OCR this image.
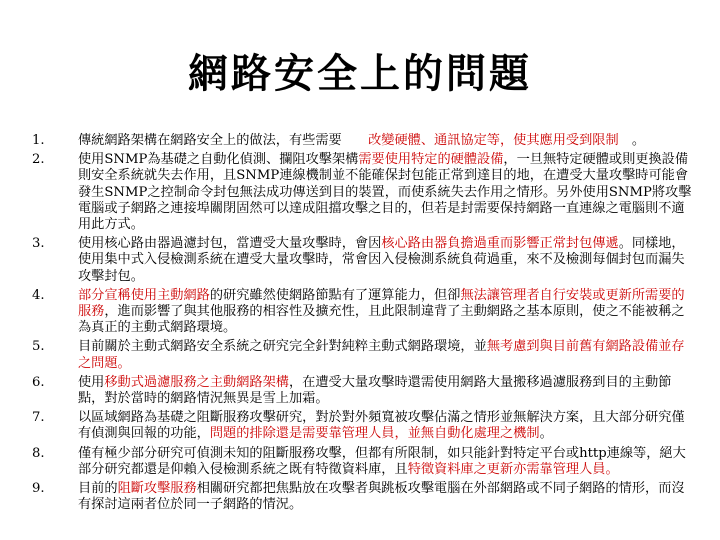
網路安全上的問題
1.	傳統網路架構在網路安全上的做法，有些需要　　改變硬體、通訊協定等，使其應用受到限制　。
2.	使用SNMP為基礎之自動化偵測、攔阻攻擊架構需要使用特定的硬體設備，一旦無特定硬體或則更換設備則安全系統就失去作用，且SNMP連線機制並不能確保封包能正常到達目的地，在遭受大量攻擊時可能會發生SNMP之控制命令封包無法成功傳送到目的裝置，而使系統失去作用之情形。另外使用SNMP將攻擊電腦或子網路之連接埠關閉固然可以達成阻擋攻擊之目的，但若是封需要保持網路一直連線之電腦則不適用此方式。
3.	使用核心路由器過濾封包，當遭受大量攻擊時，會因核心路由器負擔過重而影響正常封包傳遞。同樣地，使用集中式入侵檢測系統在遭受大量攻擊時，常會因入侵檢測系統負荷過重，來不及檢測每個封包而漏失攻擊封包。
4.	部分宣稱使用主動網路的研究雖然使網路節點有了運算能力，但卻無法讓管理者自行安裝或更新所需要的服務，進而影響了與其他服務的相容性及擴充性，且此限制違背了主動網路之基本原則，使之不能被稱之為真正的主動式網路環境。
5.	目前關於主動式網路安全系統之研究完全針對純粹主動式網路環境，並無考慮到與目前舊有網路設備並存之問題。
6.	使用移動式過濾服務之主動網路架構，在遭受大量攻擊時還需使用網路大量搬移過濾服務到目的主動節點，對於當時的網路情況無異是雪上加霜。
7.	以區域網路為基礎之阻斷服務攻擊研究，對於對外頻寬被攻擊佔滿之情形並無解決方案，且大部分研究僅有偵測與回報的功能，問題的排除還是需要靠管理人員，並無自動化處理之機制。
8.	僅有極少部分研究可偵測未知的阻斷服務攻擊，但都有所限制，如只能針對特定平台或http連線等，絕大部分研究都還是仰賴入侵檢測系統之既有特徵資料庫，且特徵資料庫之更新亦需靠管理人員。
9.	目前的阻斷攻擊服務相關研究都把焦點放在攻擊者與跳板攻擊電腦在外部網路或不同子網路的情形，而沒有探討這兩者位於同一子網路的情況。
